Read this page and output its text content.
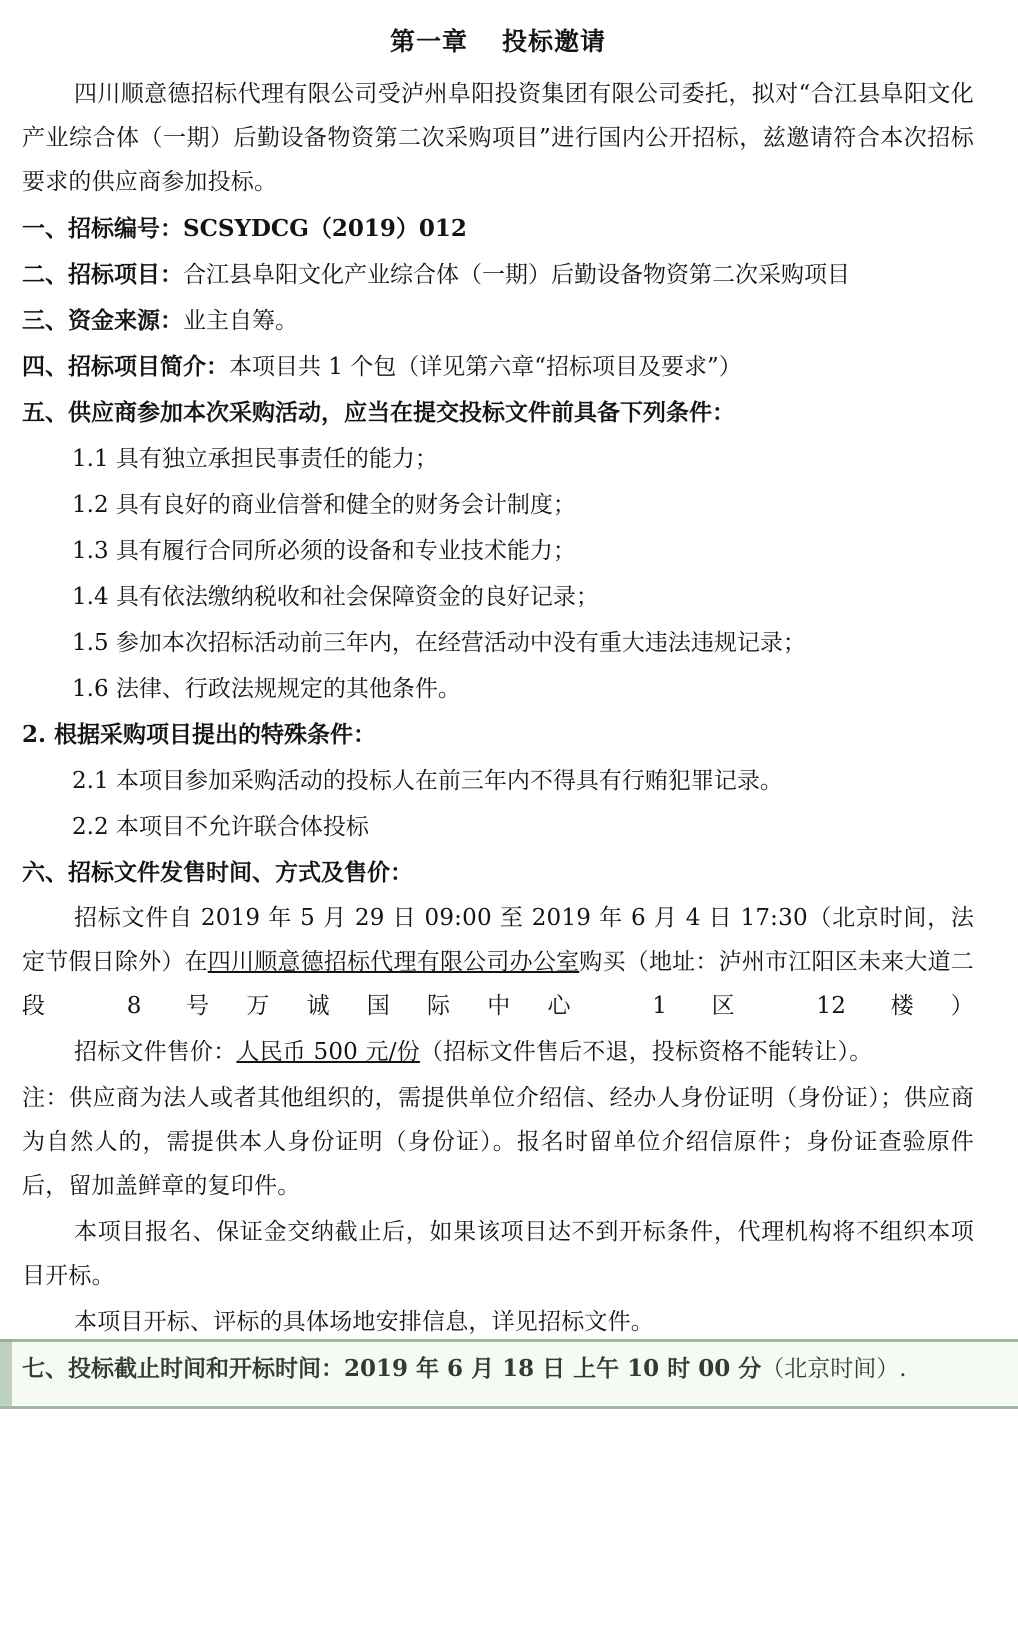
第一章 投标邀请

四川顺意德招标代理有限公司受泸州阜阳投资集团有限公司委托，拟对“合江县阜阳文化产业综合体（一期）后勤设备物资第二次采购项目”进行国内公开招标，兹邀请符合本次招标要求的供应商参加投标。

一、招标编号：SCSYDCG（2019）012

二、招标项目：合江县阜阳文化产业综合体（一期）后勤设备物资第二次采购项目

三、资金来源：业主自筹。

四、招标项目简介：本项目共 1 个包（详见第六章“招标项目及要求”）

五、供应商参加本次采购活动，应当在提交投标文件前具备下列条件：

1.1 具有独立承担民事责任的能力；

1.2 具有良好的商业信誉和健全的财务会计制度；

1.3 具有履行合同所必须的设备和专业技术能力；

1.4 具有依法缴纳税收和社会保障资金的良好记录；

1.5 参加本次招标活动前三年内，在经营活动中没有重大违法违规记录；

1.6 法律、行政法规规定的其他条件。

2. 根据采购项目提出的特殊条件：

2.1 本项目参加采购活动的投标人在前三年内不得具有行贿犯罪记录。

2.2 本项目不允许联合体投标

六、招标文件发售时间、方式及售价：

招标文件自 2019 年 5 月 29 日 09:00 至 2019 年 6 月 4 日 17:30（北京时间，法定节假日除外）在四川顺意德招标代理有限公司办公室购买（地址：泸州市江阳区未来大道二段 8 号万诚国际中心 1 区 12 楼）

招标文件售价：人民币 500 元/份（招标文件售后不退，投标资格不能转让）。

注：供应商为法人或者其他组织的，需提供单位介绍信、经办人身份证明（身份证）；供应商为自然人的，需提供本人身份证明（身份证）。报名时留单位介绍信原件；身份证查验原件后，留加盖鲜章的复印件。

本项目报名、保证金交纳截止后，如果该项目达不到开标条件，代理机构将不组织本项目开标。

本项目开标、评标的具体场地安排信息，详见招标文件。

七、投标截止时间和开标时间：2019 年 6 月 18 日 上午 10 时 00 分（北京时间）.
